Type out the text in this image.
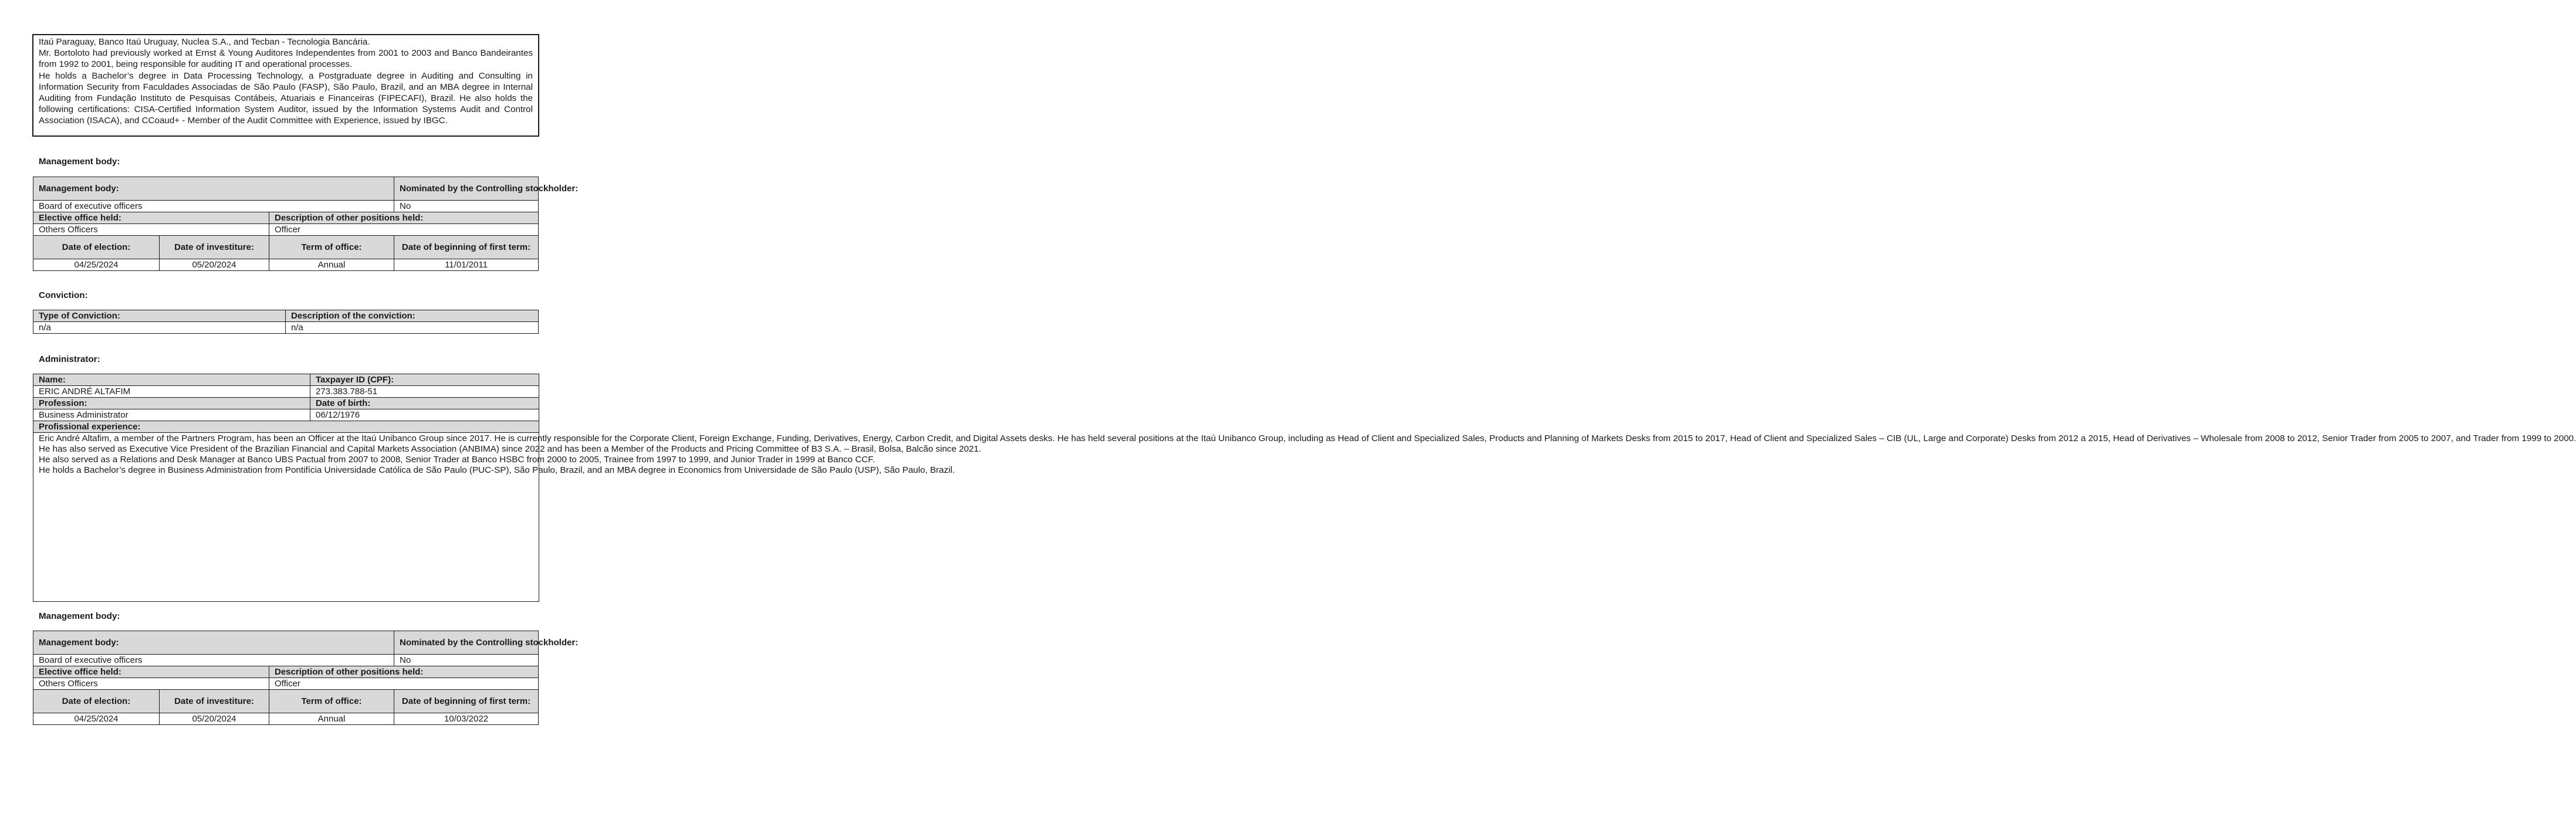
Itaú Paraguay, Banco Itaú Uruguay, Nuclea S.A., and Tecban - Tecnologia Bancária.

Mr. Bortoloto had previously worked at Ernst & Young Auditores Independentes from 2001 to 2003 and Banco Bandeirantes from 1992 to 2001, being responsible for auditing IT and operational processes.

He holds a Bachelor’s degree in Data Processing Technology, a Postgraduate degree in Auditing and Consulting in Information Security from Faculdades Associadas de São Paulo (FASP), São Paulo, Brazil, and an MBA degree in Internal Auditing from Fundação Instituto de Pesquisas Contábeis, Atuariais e Financeiras (FIPECAFI), Brazil. He also holds the following certifications: CISA-Certified Information System Auditor, issued by the Information Systems Audit and Control Association (ISACA), and CCoaud+ - Member of the Audit Committee with Experience, issued by IBGC.

Management body:
Management body:			Nominated by the Controlling stockholder:
Board of executive officers			No
Elective office held:		Description of other positions held:	
Others Officers		Officer	
Date of election:	Date of investiture:	Term of office:	Date of beginning of first term:
04/25/2024	05/20/2024	Annual	11/01/2011
Conviction:
Type of Conviction:	Description of the conviction:
n/a	n/a
Administrator:
Name:	Taxpayer ID (CPF):
ERIC ANDRÉ ALTAFIM	273.383.788-51
Profession:	Date of birth:
Business Administrator	06/12/1976
Profissional experience:	

Eric André Altafim, a member of the Partners Program, has been an Officer at the Itaú Unibanco Group since 2017. He is currently responsible for the Corporate Client, Foreign Exchange, Funding, Derivatives, Energy, Carbon Credit, and Digital Assets desks. He has held several positions at the Itaú Unibanco Group, including as Head of Client and Specialized Sales, Products and Planning of Markets Desks from 2015 to 2017, Head of Client and Specialized Sales – CIB (UL, Large and Corporate) Desks from 2012 a 2015, Head of Derivatives – Wholesale from 2008 to 2012, Senior Trader from 2005 to 2007, and Trader from 1999 to 2000.
He has also served as Executive Vice President of the Brazilian Financial and Capital Markets Association (ANBIMA) since 2022 and has been a Member of the Products and Pricing Committee of B3 S.A. – Brasil, Bolsa, Balcão since 2021.
He also served as a Relations and Desk Manager at Banco UBS Pactual from 2007 to 2008, Senior Trader at Banco HSBC from 2000 to 2005, Trainee from 1997 to 1999, and Junior Trader in 1999 at Banco CCF.
He holds a Bachelor’s degree in Business Administration from Pontifícia Universidade Católica de São Paulo (PUC-SP), São Paulo, Brazil, and an MBA degree in Economics from Universidade de São Paulo (USP), São Paulo, Brazil.	
Management body:
Management body:			Nominated by the Controlling stockholder:
Board of executive officers			No
Elective office held:		Description of other positions held:	
Others Officers		Officer	
Date of election:	Date of investiture:	Term of office:	Date of beginning of first term:
04/25/2024	05/20/2024	Annual	10/03/2022
